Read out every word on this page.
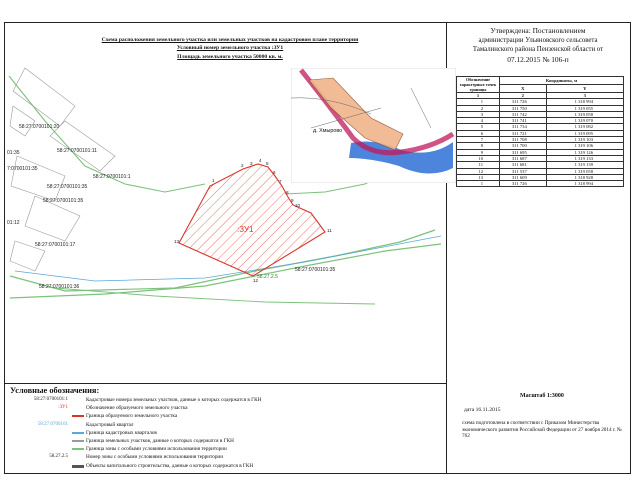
Схема расположения земельного участка или земельных участков на кадастровом плане территории
Условный номер земельного участка :ЗУ1
Площадь земельного участка 50000 кв. м.
Утверждена: Постановлением
администрации Ульяновского сельсовета
Тамалинского района Пензенской области от
07.12.2015 № 106-п
:ЗУ1
1
2 3
4
5
6
7
8
9
10
11
12
13
58:27:0700101:20
58:27:0700101:11
58:27:0700101:1
58:27:0700101:35
58:27:0700101:35
58:27:0700101:17
58:27:0700101:35
58:27:0700101:36
01:35
7:0700101:35
01:12
58.27.2.5
д. Хмырово
Обозначение характерных точек границы	Координаты, м	
	X	Y
1	2	3
1	311 726	1 318 994
2	311 750	1 319 055
3	311 742	1 319 058
4	311 741	1 319 070
5	311 734	1 319 082
6	311 721	1 319 095
7	311 708	1 319 103
8	311 700	1 319 106
9	311 695	1 319 126
10	311 687	1 319 133
11	311 681	1 319 139
12	311 537	1 319 058
13	311 609	1 318 928
1	311 726	1 318 994
Условные обозначения:
58:27:0700101:1	Кадастровые номера земельных участков, данные о которых содержатся в ГКН
:ЗУ1	Обозначение образуемого земельного участка
Граница образуемого земельного участка
58:27:0700101	Кадастровый квартал
Граница кадастровых кварталов
Граница земельных участков, данные о которых содержатся в ГКН
Граница зоны с особыми условиями использования территории
58.27.2.5	Номер зоны с особыми условиями использования территории
Объекты капитального строительства, данные о которых содержатся в ГКН
Масштаб 1:3000
дата 16.11.2015
схема подготовлена в соответствии с Приказом Министерства экономического развития Российской Федерации от 27 ноября 2014 г. № 762
